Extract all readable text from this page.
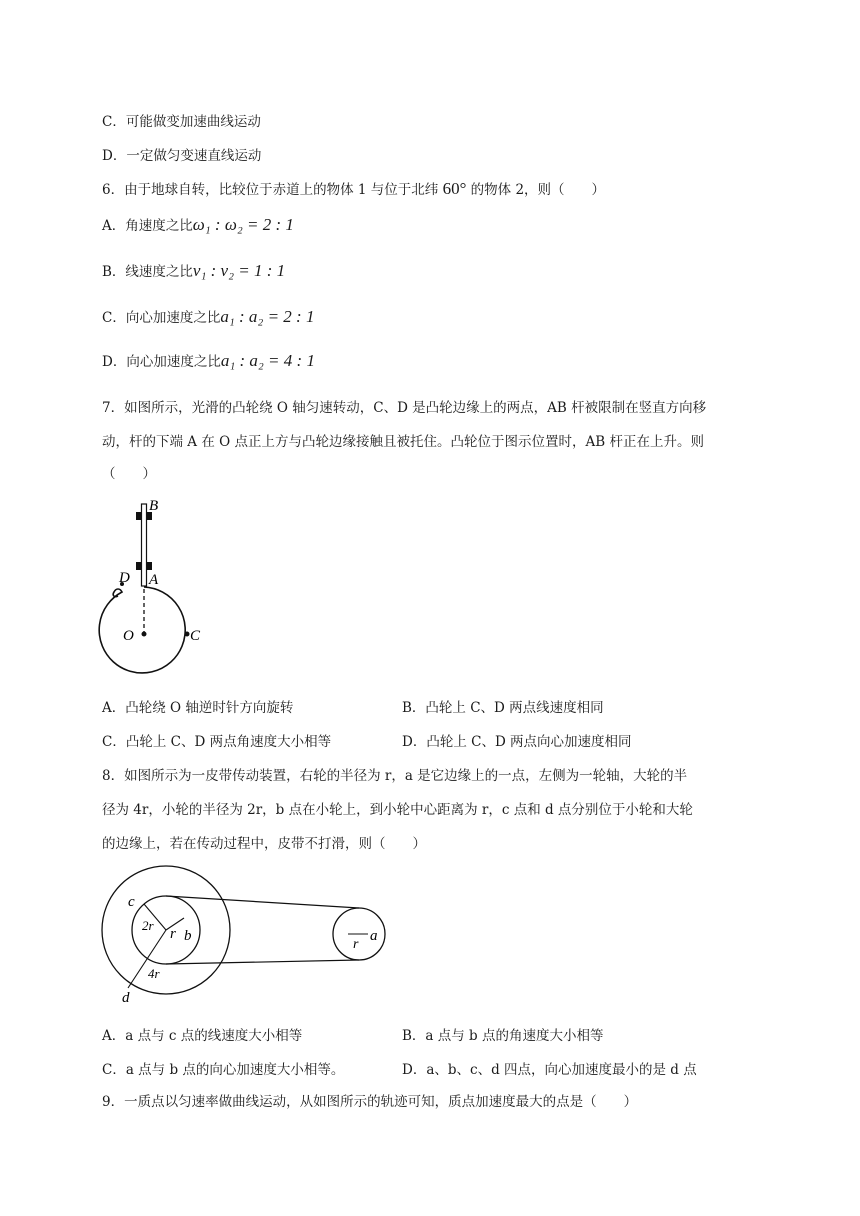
C．可能做变加速曲线运动
D．一定做匀变速直线运动
6．由于地球自转，比较位于赤道上的物体 1 与位于北纬 60° 的物体 2，则（　　）
A．角速度之比ω₁ : ω₂ = 2 : 1
B．线速度之比v₁ : v₂ = 1 : 1
C．向心加速度之比a₁ : a₂ = 2 : 1
D．向心加速度之比a₁ : a₂ = 4 : 1
7．如图所示，光滑的凸轮绕 O 轴匀速转动，C、D 是凸轮边缘上的两点，AB 杆被限制在竖直方向移
动，杆的下端 A 在 O 点正上方与凸轮边缘接触且被托住。凸轮位于图示位置时，AB 杆正在上升。则
（　　）
B
A
D
O	C
A．凸轮绕 O 轴逆时针方向旋转	B．凸轮上 C、D 两点线速度相同
C．凸轮上 C、D 两点角速度大小相等	D．凸轮上 C、D 两点向心加速度相同
8．如图所示为一皮带传动装置，右轮的半径为 r，a 是它边缘上的一点，左侧为一轮轴，大轮的半
径为 4r，小轮的半径为 2r，b 点在小轮上，到小轮中心距离为 r，c 点和 d 点分别位于小轮和大轮
的边缘上，若在传动过程中，皮带不打滑，则（　　）
c
2r
r b
4r
d
r
a
A．a 点与 c 点的线速度大小相等	B．a 点与 b 点的角速度大小相等
C．a 点与 b 点的向心加速度大小相等。	D．a、b、c、d 四点，向心加速度最小的是 d 点
9．一质点以匀速率做曲线运动，从如图所示的轨迹可知，质点加速度最大的点是（　　）
